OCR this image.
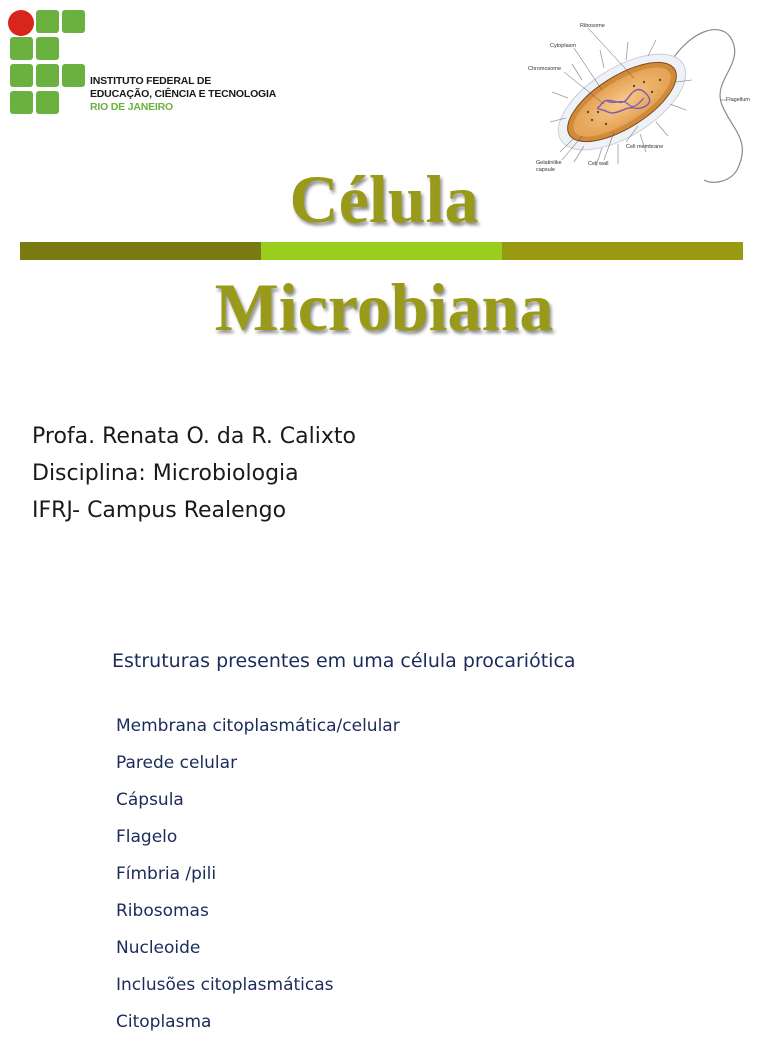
INSTITUTO FEDERAL DE
EDUCAÇÃO, CIÊNCIA E TECNOLOGIA
RIO DE JANEIRO
Ribosome
Cytoplasm
Chromosome
Flagellum
Cell membrane
Cell wall
Gelatinlike
capsule
Célula
Microbiana
Profa. Renata O. da R. Calixto
Disciplina: Microbiologia
IFRJ- Campus Realengo
Estruturas presentes em uma célula procariótica
Membrana citoplasmática/celular
Parede celular
Cápsula
Flagelo
Fímbria /pili
Ribosomas
Nucleoide
Inclusões citoplasmáticas
Citoplasma
